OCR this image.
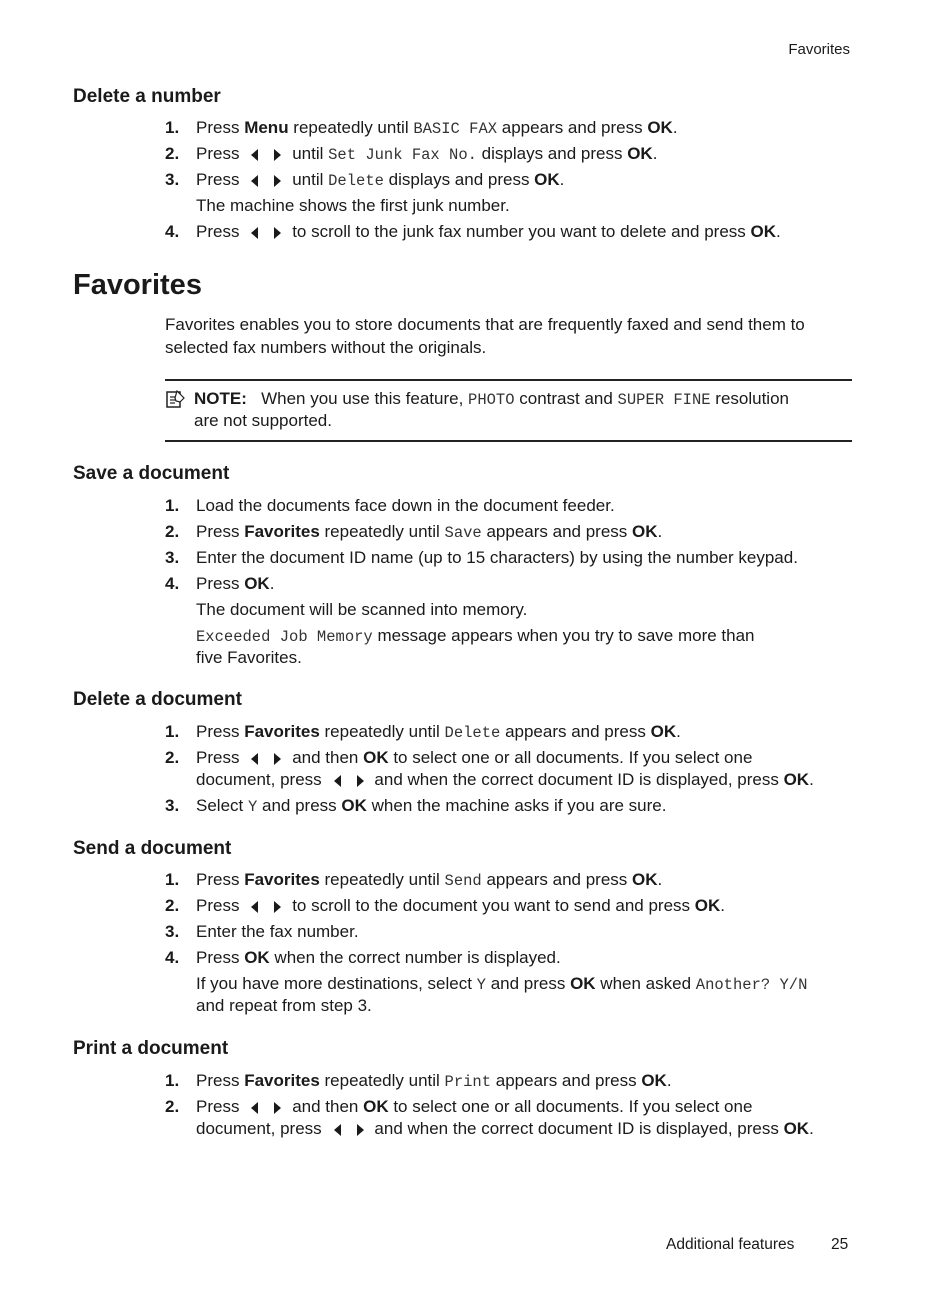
Favorites
Delete a number
1. Press Menu repeatedly until BASIC FAX appears and press OK.
2. Press	until Set Junk Fax No. displays and press OK.
3. Press	until Delete displays and press OK.
The machine shows the first junk number.
4. Press	to scroll to the junk fax number you want to delete and press OK.
Favorites
Favorites enables you to store documents that are frequently faxed and send them to selected fax numbers without the originals.
NOTE: When you use this feature, PHOTO contrast and SUPER FINE resolution
are not supported.
Save a document
1. Load the documents face down in the document feeder.
2. Press Favorites repeatedly until Save appears and press OK.
3. Enter the document ID name (up to 15 characters) by using the number keypad.
4. Press OK.
The document will be scanned into memory.
Exceeded Job Memory message appears when you try to save more than
five Favorites.
Delete a document
1. Press Favorites repeatedly until Delete appears and press OK.
2. Press	and then OK to select one or all documents. If you select one
document, press	and when the correct document ID is displayed, press OK.
3. Select Y and press OK when the machine asks if you are sure.
Send a document
1. Press Favorites repeatedly until Send appears and press OK.
2. Press	to scroll to the document you want to send and press OK.
3. Enter the fax number.
4. Press OK when the correct number is displayed.
If you have more destinations, select Y and press OK when asked Another? Y/N
and repeat from step 3.
Print a document
1. Press Favorites repeatedly until Print appears and press OK.
2. Press	and then OK to select one or all documents. If you select one
document, press	and when the correct document ID is displayed, press OK.
Additional features 25
